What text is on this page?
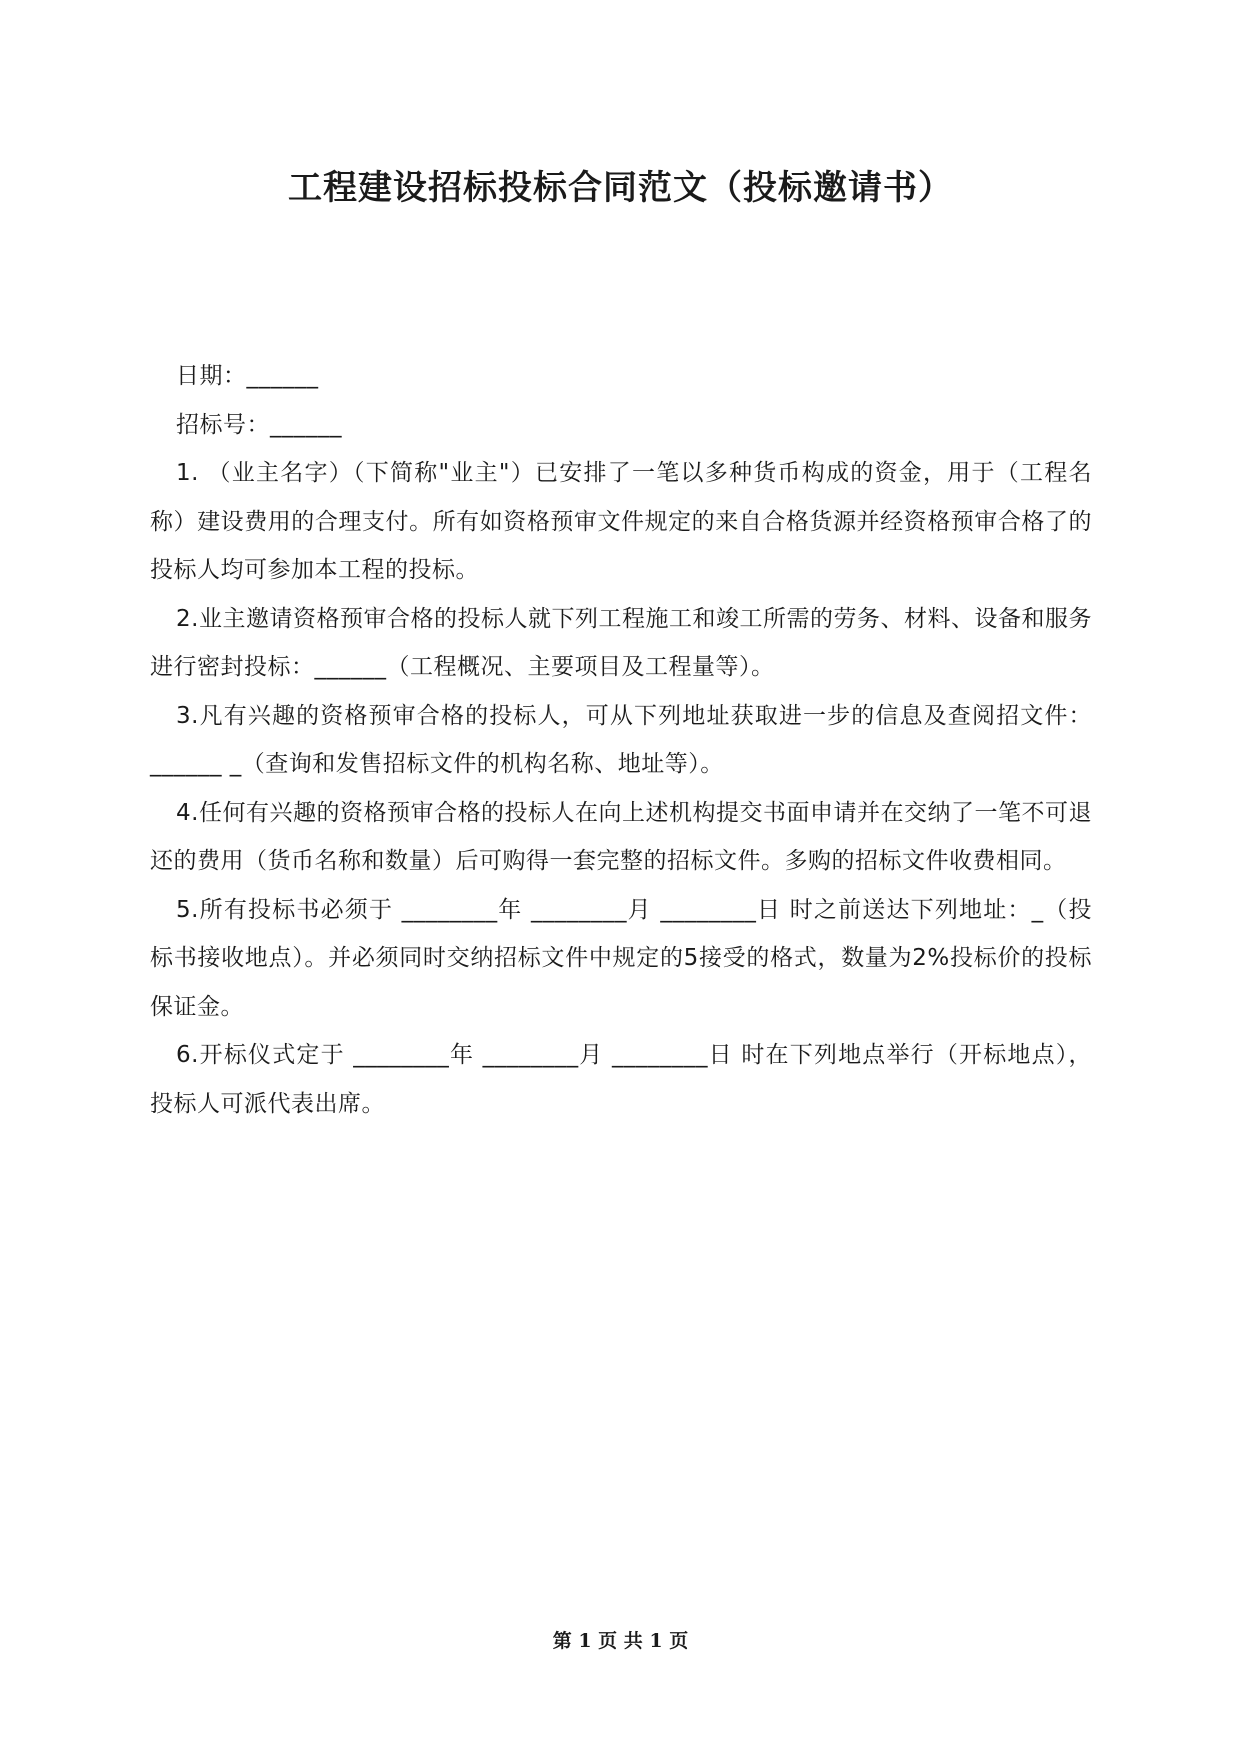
工程建设招标投标合同范文（投标邀请书）

日期：______

招标号：______

1. （业主名字）（下简称"业主"）已安排了一笔以多种货币构成的资金，用于（工程名称）建设费用的合理支付。所有如资格预审文件规定的来自合格货源并经资格预审合格了的投标人均可参加本工程的投标。

2.业主邀请资格预审合格的投标人就下列工程施工和竣工所需的劳务、材料、设备和服务进行密封投标：______（工程概况、主要项目及工程量等）。

3.凡有兴趣的资格预审合格的投标人，可从下列地址获取进一步的信息及查阅招文件：______ _（查询和发售招标文件的机构名称、地址等）。

4.任何有兴趣的资格预审合格的投标人在向上述机构提交书面申请并在交纳了一笔不可退还的费用（货币名称和数量）后可购得一套完整的招标文件。多购的招标文件收费相同。

5.所有投标书必须于 ________年 ________月 ________日 时之前送达下列地址：_（投标书接收地点）。并必须同时交纳招标文件中规定的5接受的格式，数量为2%投标价的投标保证金。

6.开标仪式定于 ________年 ________月 ________日 时在下列地点举行（开标地点），投标人可派代表出席。

第 1 页 共 1 页
